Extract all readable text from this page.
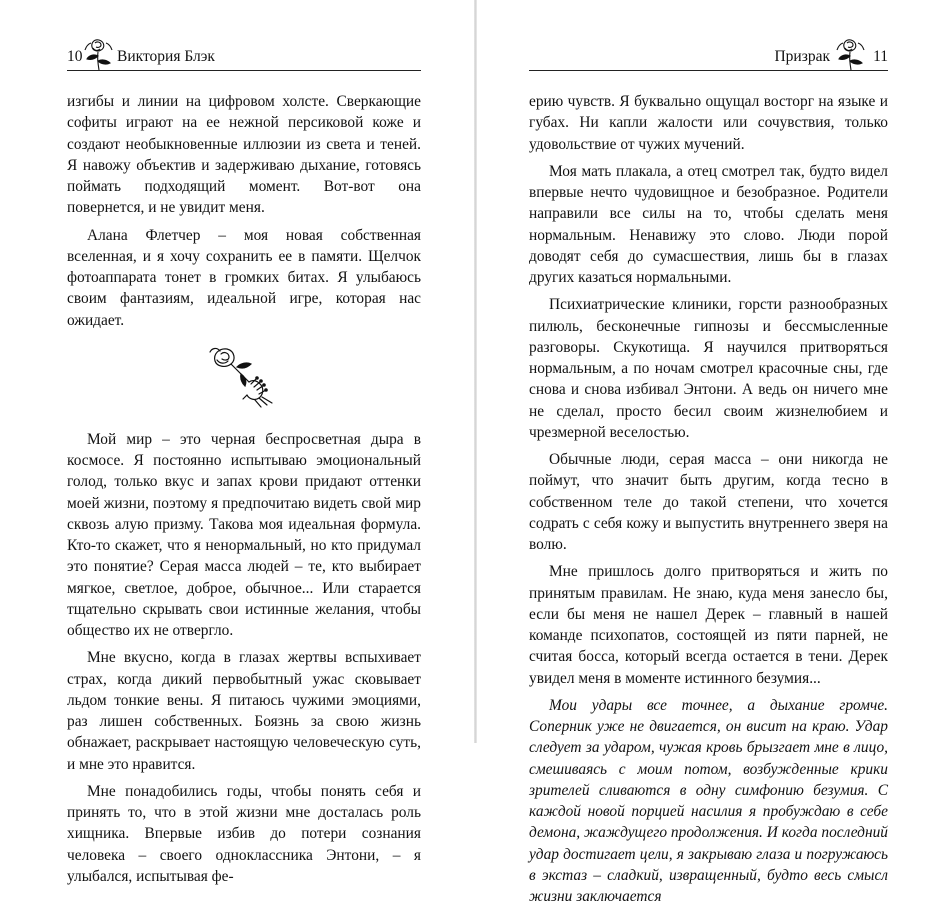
10 Виктория Блэк

изгибы и линии на цифровом холсте. Сверкающие софиты играют на ее нежной персиковой коже и создают необыкновенные иллюзии из света и теней. Я навожу объектив и задерживаю дыхание, готовясь поймать подходящий момент. Вот-вот она повернется, и не увидит меня.

Алана Флетчер – моя новая собственная вселенная, и я хочу сохранить ее в памяти. Щелчок фотоаппарата тонет в громких битах. Я улыбаюсь своим фантазиям, идеальной игре, которая нас ожидает.

Мой мир – это черная беспросветная дыра в космосе. Я постоянно испытываю эмоциональный голод, только вкус и запах крови придают оттенки моей жизни, поэтому я предпочитаю видеть свой мир сквозь алую призму. Такова моя идеальная формула. Кто-то скажет, что я ненормальный, но кто придумал это понятие? Серая масса людей – те, кто выбирает мягкое, светлое, доброе, обычное... Или старается тщательно скрывать свои истинные желания, чтобы общество их не отвергло.

Мне вкусно, когда в глазах жертвы вспыхивает страх, когда дикий первобытный ужас сковывает льдом тонкие вены. Я питаюсь чужими эмоциями, раз лишен собственных. Боязнь за свою жизнь обнажает, раскрывает настоящую человеческую суть, и мне это нравится.

Мне понадобились годы, чтобы понять себя и принять то, что в этой жизни мне досталась роль хищника. Впервые избив до потери сознания человека – своего одноклассника Энтони, – я улыбался, испытывая фе-

Призрак	11

ерию чувств. Я буквально ощущал восторг на языке и губах. Ни капли жалости или сочувствия, только удовольствие от чужих мучений.

Моя мать плакала, а отец смотрел так, будто видел впервые нечто чудовищное и безобразное. Родители направили все силы на то, чтобы сделать меня нормальным. Ненавижу это слово. Люди порой доводят себя до сумасшествия, лишь бы в глазах других казаться нормальными.

Психиатрические клиники, горсти разнообразных пилюль, бесконечные гипнозы и бессмысленные разговоры. Скукотища. Я научился притворяться нормальным, а по ночам смотрел красочные сны, где снова и снова избивал Энтони. А ведь он ничего мне не сделал, просто бесил своим жизнелюбием и чрезмерной веселостью.

Обычные люди, серая масса – они никогда не поймут, что значит быть другим, когда тесно в собственном теле до такой степени, что хочется содрать с себя кожу и выпустить внутреннего зверя на волю.

Мне пришлось долго притворяться и жить по принятым правилам. Не знаю, куда меня занесло бы, если бы меня не нашел Дерек – главный в нашей команде психопатов, состоящей из пяти парней, не считая босса, который всегда остается в тени. Дерек увидел меня в моменте истинного безумия...

Мои удары все точнее, а дыхание громче. Соперник уже не двигается, он висит на краю. Удар следует за ударом, чужая кровь брызгает мне в лицо, смешиваясь с моим потом, возбужденные крики зрителей сливаются в одну симфонию безумия. С каждой новой порцией насилия я пробуждаю в себе демона, жаждущего продолжения. И когда последний удар достигает цели, я закрываю глаза и погружаюсь в экстаз – сладкий, извращенный, будто весь смысл жизни заключается
